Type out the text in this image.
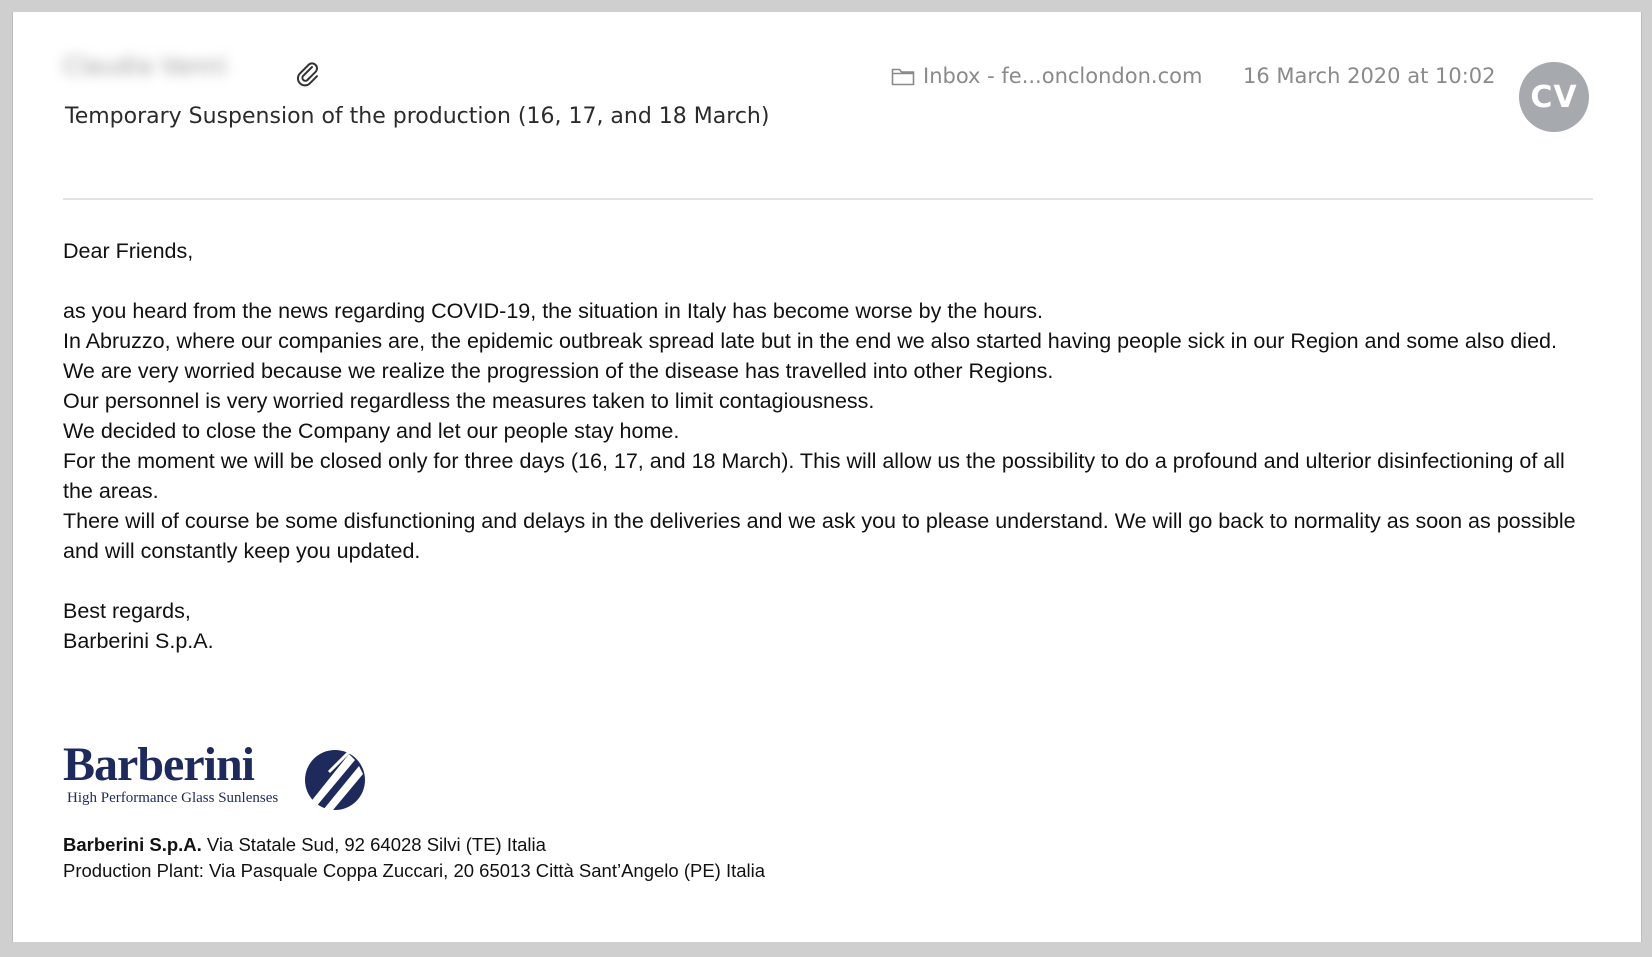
Claudia Vanni
Temporary Suspension of the production (16, 17, and 18 March)
Inbox - fe...onclondon.com 16 March 2020 at 10:02
CV

Dear Friends,

as you heard from the news regarding COVID-19, the situation in Italy has become worse by the hours.

In Abruzzo, where our companies are, the epidemic outbreak spread late but in the end we also started having people sick in our Region and some also died.

We are very worried because we realize the progression of the disease has travelled into other Regions.

Our personnel is very worried regardless the measures taken to limit contagiousness.

We decided to close the Company and let our people stay home.

For the moment we will be closed only for three days (16, 17, and 18 March). This will allow us the possibility to do a profound and ulterior disinfectioning of all the areas.

There will of course be some disfunctioning and delays in the deliveries and we ask you to please understand. We will go back to normality as soon as possible and will constantly keep you updated.

Best regards,

Barberini S.p.A.

Barberini
High Performance Glass Sunlenses
Barberini S.p.A. Via Statale Sud, 92 64028 Silvi (TE) Italia
Production Plant: Via Pasquale Coppa Zuccari, 20 65013 Città Sant’Angelo (PE) Italia
